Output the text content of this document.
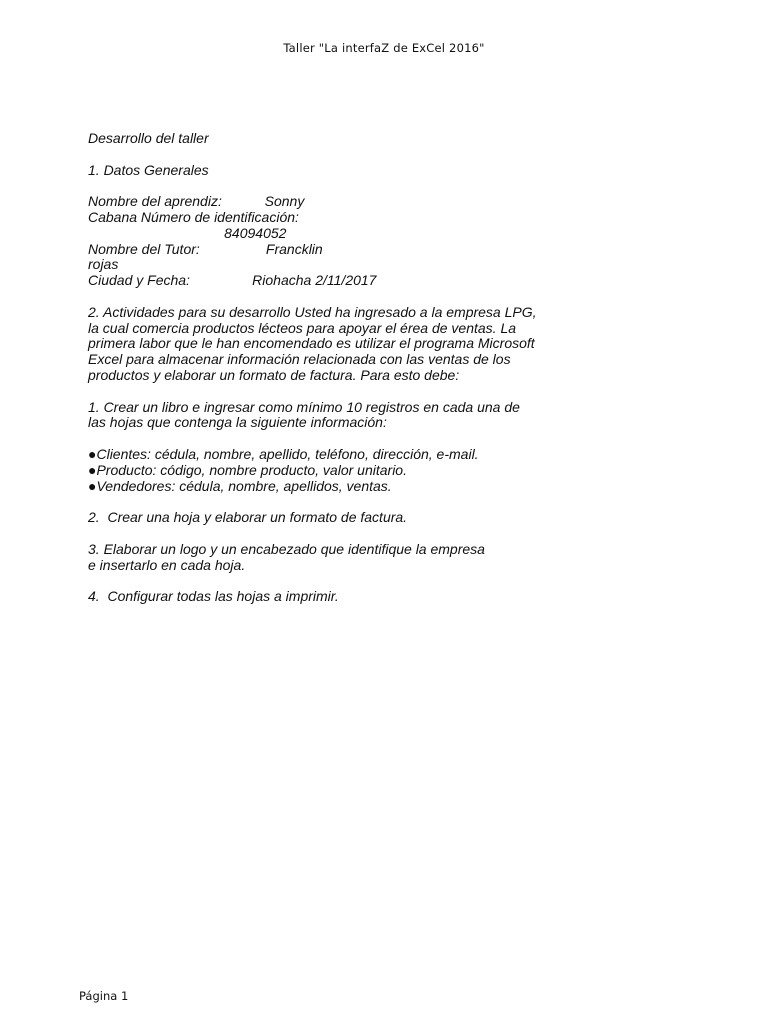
Taller "La interfaZ de ExCel 2016"
Desarrollo del taller
1. Datos Generales
Nombre del aprendiz:           Sonny
Cabana Número de identificación:
84094052
Nombre del Tutor:                 Francklin
rojas
Ciudad y Fecha:                Riohacha 2/11/2017
2. Actividades para su desarrollo Usted ha ingresado a la empresa LPG,
la cual comercia productos lécteos para apoyar el érea de ventas. La
primera labor que le han encomendado es utilizar el programa Microsoft
Excel para almacenar información relacionada con las ventas de los
productos y elaborar un formato de factura. Para esto debe:
1. Crear un libro e ingresar como mínimo 10 registros en cada una de
las hojas que contenga la siguiente información:
●Clientes: cédula, nombre, apellido, teléfono, dirección, e-mail.
●Producto: código, nombre producto, valor unitario.
●Vendedores: cédula, nombre, apellidos, ventas.
2.  Crear una hoja y elaborar un formato de factura.
3. Elaborar un logo y un encabezado que identifique la empresa
e insertarlo en cada hoja.
4.  Configurar todas las hojas a imprimir.
Página 1
